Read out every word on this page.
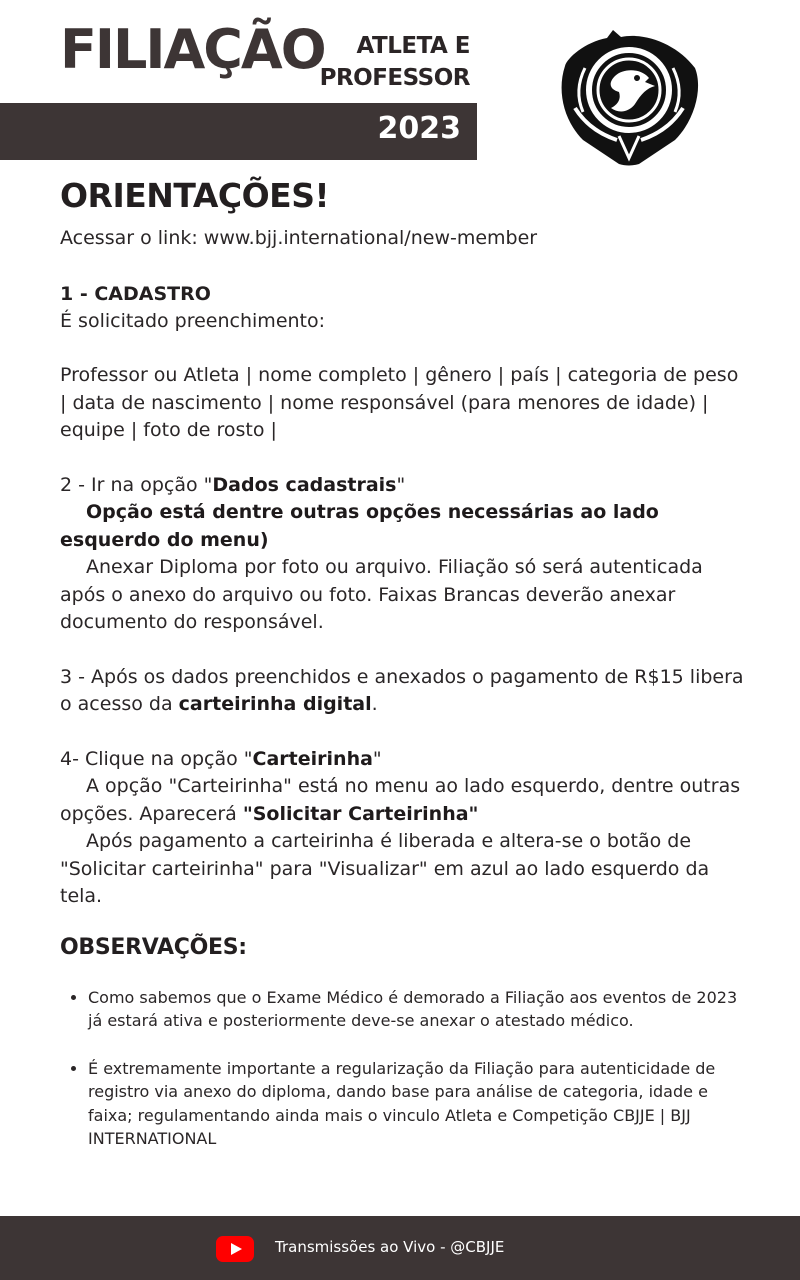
FILIAÇÃO	ATLETA E
PROFESSOR
2023
ORIENTAÇÕES!

Acessar o link: www.bjj.international/new-member

1 - CADASTRO

É solicitado preenchimento:

Professor ou Atleta | nome completo | gênero | país | categoria de peso | data de nascimento | nome responsável (para menores de idade) | equipe | foto de rosto |

2 - Ir na opção "Dados cadastrais"

Opção está dentre outras opções necessárias ao lado esquerdo do menu)

Anexar Diploma por foto ou arquivo. Filiação só será autenticada após o anexo do arquivo ou foto. Faixas Brancas deverão anexar documento do responsável.

3 - Após os dados preenchidos e anexados o pagamento de R$15 libera o acesso da carteirinha digital.

4- Clique na opção "Carteirinha"

A opção "Carteirinha" está no menu ao lado esquerdo, dentre outras opções. Aparecerá "Solicitar Carteirinha"

Após pagamento a carteirinha é liberada e altera-se o botão de "Solicitar carteirinha" para "Visualizar" em azul ao lado esquerdo da tela.

OBSERVAÇÕES:
• Como sabemos que o Exame Médico é demorado a Filiação aos eventos de 2023 já estará ativa e posteriormente deve-se anexar o atestado médico.
• É extremamente importante a regularização da Filiação para autenticidade de registro via anexo do diploma, dando base para análise de categoria, idade e faixa; regulamentando ainda mais o vinculo Atleta e Competição CBJJE | BJJ INTERNATIONAL
Transmissões ao Vivo - @CBJJE
